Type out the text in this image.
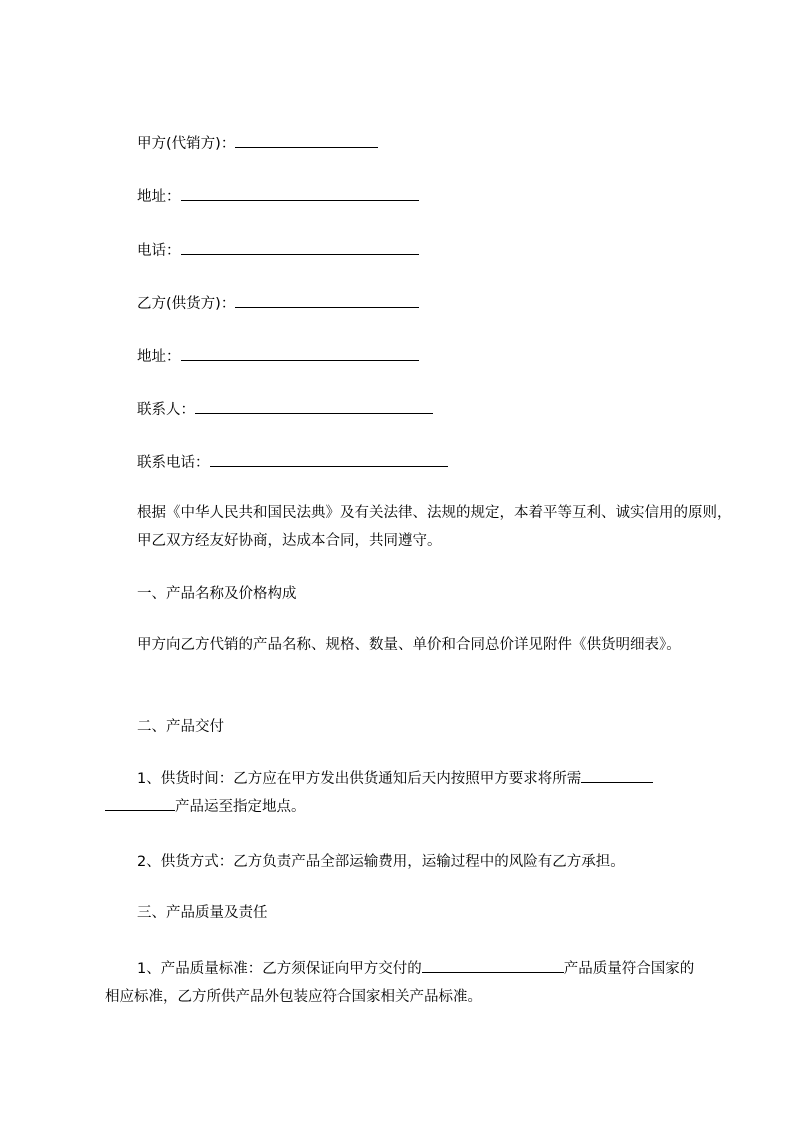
甲方(代销方)：
地址：
电话：
乙方(供货方)：
地址：
联系人：
联系电话：
根据《中华人民共和国民法典》及有关法律、法规的规定，本着平等互利、诚实信用的原则，甲乙双方经友好协商，达成本合同，共同遵守。
一、产品名称及价格构成
甲方向乙方代销的产品名称、规格、数量、单价和合同总价详见附件《供货明细表》。
二、产品交付
1、供货时间：乙方应在甲方发出供货通知后天内按照甲方要求将所需
产品运至指定地点。
2、供货方式：乙方负责产品全部运输费用，运输过程中的风险有乙方承担。
三、产品质量及责任
1、产品质量标准：乙方须保证向甲方交付的	产品质量符合国家的相应标准，乙方所供产品外包装应符合国家相关产品标准。
